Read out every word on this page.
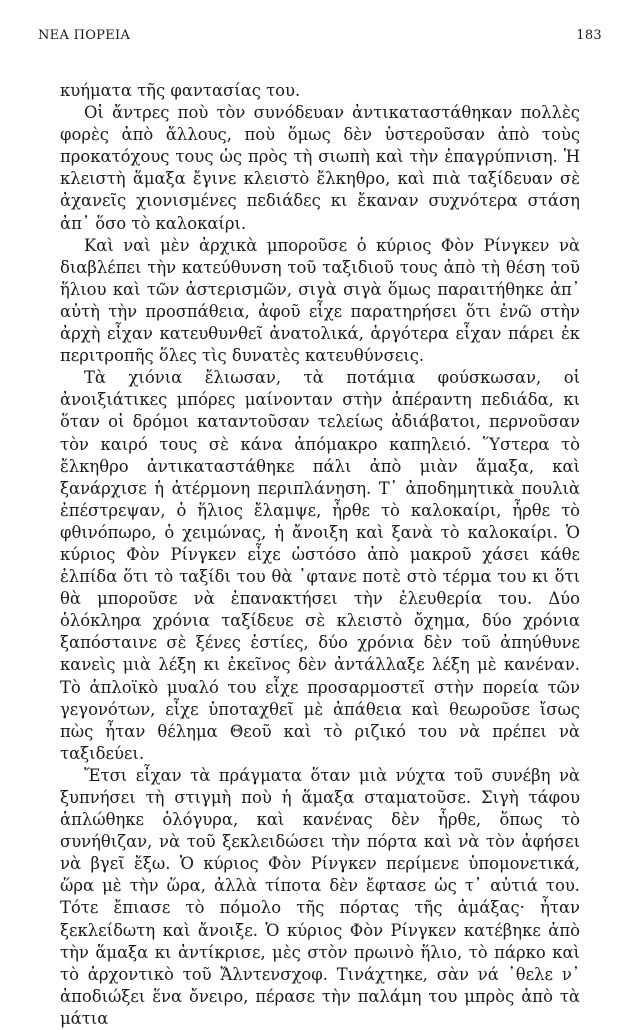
ΝΕΑ ΠΟΡΕΙΑ	183

κυήματα τῆς φαντασίας του.

Οἱ ἄντρες ποὺ τὸν συνόδευαν ἀντικαταστάθηκαν πολλὲς φορὲς ἀπὸ ἄλλους, ποὺ ὅμως δὲν ὑστεροῦσαν ἀπὸ τοὺς προκατόχους τους ὡς πρὸς τὴ σιωπὴ καὶ τὴν ἐπαγρύπνιση. Ἡ κλειστὴ ἅμαξα ἔγινε κλειστὸ ἔλκηθρο, καὶ πιὰ ταξίδευαν σὲ ἀχανεῖς χιονισμένες πεδιάδες κι ἔκαναν συχνότερα στάση ἀπ᾿ ὅσο τὸ καλοκαίρι.

Καὶ ναὶ μὲν ἀρχικὰ μποροῦσε ὁ κύριος Φὸν Ρίνγκεν νὰ διαβλέπει τὴν κατεύθυνση τοῦ ταξιδιοῦ τους ἀπὸ τὴ θέση τοῦ ἥλιου καὶ τῶν ἀστερισμῶν, σιγὰ σιγὰ ὅμως παραιτήθηκε ἀπ᾿ αὐτὴ τὴν προσπάθεια, ἀφοῦ εἶχε παρατηρήσει ὅτι ἐνῶ στὴν ἀρχὴ εἶχαν κατευθυνθεῖ ἀνατολικά, ἀργότερα εἶχαν πάρει ἐκ περιτροπῆς ὅλες τὶς δυνατὲς κατευθύνσεις.

Τὰ χιόνια ἔλιωσαν, τὰ ποτάμια φούσκωσαν, οἱ ἀνοιξιάτικες μπόρες μαίνονταν στὴν ἀπέραντη πεδιάδα, κι ὅταν οἱ δρόμοι καταντοῦσαν τελείως ἀδιάβατοι, περνοῦσαν τὸν καιρό τους σὲ κάνα ἀπόμακρο καπηλειό. Ὕστερα τὸ ἔλκηθρο ἀντικαταστάθηκε πάλι ἀπὸ μιὰν ἅμαξα, καὶ ξανάρχισε ἡ ἀτέρμονη περιπλάνηση. Τ᾿ ἀποδημητικὰ πουλιὰ ἐπέστρεψαν, ὁ ἥλιος ἔλαμψε, ἦρθε τὸ καλοκαίρι, ἦρθε τὸ φθινόπωρο, ὁ χειμώνας, ἡ ἄνοιξη καὶ ξανὰ τὸ καλοκαίρι. Ὁ κύριος Φὸν Ρίνγκεν εἶχε ὡστόσο ἀπὸ μακροῦ χάσει κάθε ἐλπίδα ὅτι τὸ ταξίδι του θὰ ᾿φτανε ποτὲ στὸ τέρμα του κι ὅτι θὰ μποροῦσε νὰ ἐπανακτήσει τὴν ἐλευθερία του. Δύο ὁλόκληρα χρόνια ταξίδευε σὲ κλειστὸ ὄχημα, δύο χρόνια ξαπόσταινε σὲ ξένες ἑστίες, δύο χρόνια δὲν τοῦ ἀπηύθυνε κανεὶς μιὰ λέξη κι ἐκεῖνος δὲν ἀντάλλαξε λέξη μὲ κανέναν. Τὸ ἁπλοϊκὸ μυαλό του εἶχε προσαρμοστεῖ στὴν πορεία τῶν γεγονότων, εἶχε ὑποταχθεῖ μὲ ἀπάθεια καὶ θεωροῦσε ἴσως πὼς ἦταν θέλημα Θεοῦ καὶ τὸ ριζικό του νὰ πρέπει νὰ ταξιδεύει.

Ἔτσι εἶχαν τὰ πράγματα ὅταν μιὰ νύχτα τοῦ συνέβη νὰ ξυπνήσει τὴ στιγμὴ ποὺ ἡ ἅμαξα σταματοῦσε. Σιγὴ τάφου ἁπλώθηκε ὁλόγυρα, καὶ κανένας δὲν ἦρθε, ὅπως τὸ συνήθιζαν, νὰ τοῦ ξεκλειδώσει τὴν πόρτα καὶ νὰ τὸν ἀφήσει νὰ βγεῖ ἔξω. Ὁ κύριος Φὸν Ρίνγκεν περίμενε ὑπομονετικά, ὥρα μὲ τὴν ὥρα, ἀλλὰ τίποτα δὲν ἔφτασε ὡς τ᾿ αὐτιά του. Τότε ἔπιασε τὸ πόμολο τῆς πόρτας τῆς ἁμάξας· ἦταν ξεκλείδωτη καὶ ἄνοιξε. Ὁ κύριος Φὸν Ρίνγκεν κατέβηκε ἀπὸ τὴν ἅμαξα κι ἀντίκρισε, μὲς στὸν πρωινὸ ἥλιο, τὸ πάρκο καὶ τὸ ἀρχοντικὸ τοῦ Ἄλντενσχοφ. Τινάχτηκε, σὰν νά ᾿θελε ν᾿ ἀποδιώξει ἕνα ὄνειρο, πέρασε τὴν παλάμη του μπρὸς ἀπὸ τὰ μάτια
